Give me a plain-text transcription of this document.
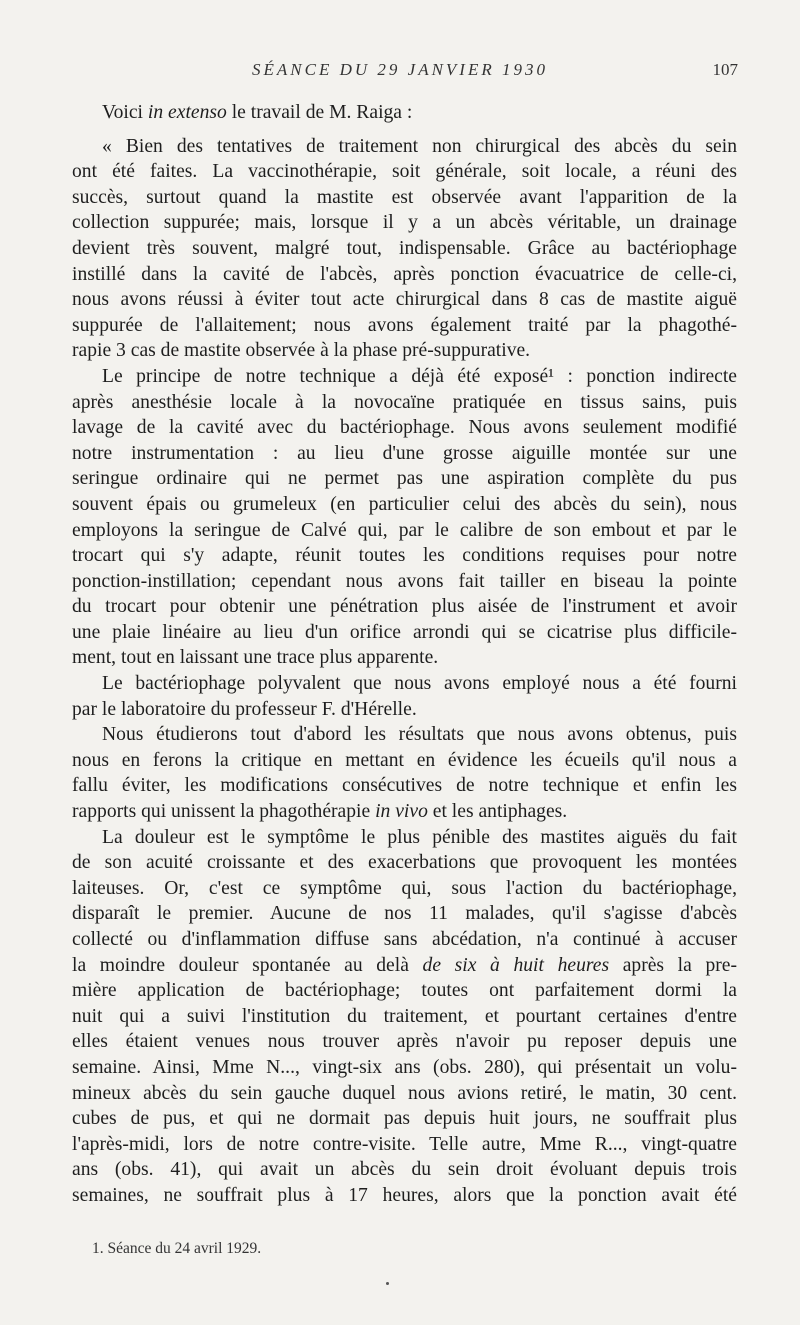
SÉANCE DU 29 JANVIER 1930	107
Voici in extenso le travail de M. Raiga :
« Bien des tentatives de traitement non chirurgical des abcès du sein
ont été faites. La vaccinothérapie, soit générale, soit locale, a réuni des
succès, surtout quand la mastite est observée avant l'apparition de la
collection suppurée; mais, lorsque il y a un abcès véritable, un drainage
devient très souvent, malgré tout, indispensable. Grâce au bactériophage
instillé dans la cavité de l'abcès, après ponction évacuatrice de celle-ci,
nous avons réussi à éviter tout acte chirurgical dans 8 cas de mastite aiguë
suppurée de l'allaitement; nous avons également traité par la phagothé-
rapie 3 cas de mastite observée à la phase pré-suppurative.
Le principe de notre technique a déjà été exposé¹ : ponction indirecte
après anesthésie locale à la novocaïne pratiquée en tissus sains, puis
lavage de la cavité avec du bactériophage. Nous avons seulement modifié
notre instrumentation : au lieu d'une grosse aiguille montée sur une
seringue ordinaire qui ne permet pas une aspiration complète du pus
souvent épais ou grumeleux (en particulier celui des abcès du sein), nous
employons la seringue de Calvé qui, par le calibre de son embout et par le
trocart qui s'y adapte, réunit toutes les conditions requises pour notre
ponction-instillation; cependant nous avons fait tailler en biseau la pointe
du trocart pour obtenir une pénétration plus aisée de l'instrument et avoir
une plaie linéaire au lieu d'un orifice arrondi qui se cicatrise plus difficile-
ment, tout en laissant une trace plus apparente.
Le bactériophage polyvalent que nous avons employé nous a été fourni
par le laboratoire du professeur F. d'Hérelle.
Nous étudierons tout d'abord les résultats que nous avons obtenus, puis
nous en ferons la critique en mettant en évidence les écueils qu'il nous a
fallu éviter, les modifications consécutives de notre technique et enfin les
rapports qui unissent la phagothérapie in vivo et les antiphages.
La douleur est le symptôme le plus pénible des mastites aiguës du fait
de son acuité croissante et des exacerbations que provoquent les montées
laiteuses. Or, c'est ce symptôme qui, sous l'action du bactériophage,
disparaît le premier. Aucune de nos 11 malades, qu'il s'agisse d'abcès
collecté ou d'inflammation diffuse sans abcédation, n'a continué à accuser
la moindre douleur spontanée au delà de six à huit heures après la pre-
mière application de bactériophage; toutes ont parfaitement dormi la
nuit qui a suivi l'institution du traitement, et pourtant certaines d'entre
elles étaient venues nous trouver après n'avoir pu reposer depuis une
semaine. Ainsi, Mme N..., vingt-six ans (obs. 280), qui présentait un volu-
mineux abcès du sein gauche duquel nous avions retiré, le matin, 30 cent.
cubes de pus, et qui ne dormait pas depuis huit jours, ne souffrait plus
l'après-midi, lors de notre contre-visite. Telle autre, Mme R..., vingt-quatre
ans (obs. 41), qui avait un abcès du sein droit évoluant depuis trois
semaines, ne souffrait plus à 17 heures, alors que la ponction avait été
1. Séance du 24 avril 1929.
